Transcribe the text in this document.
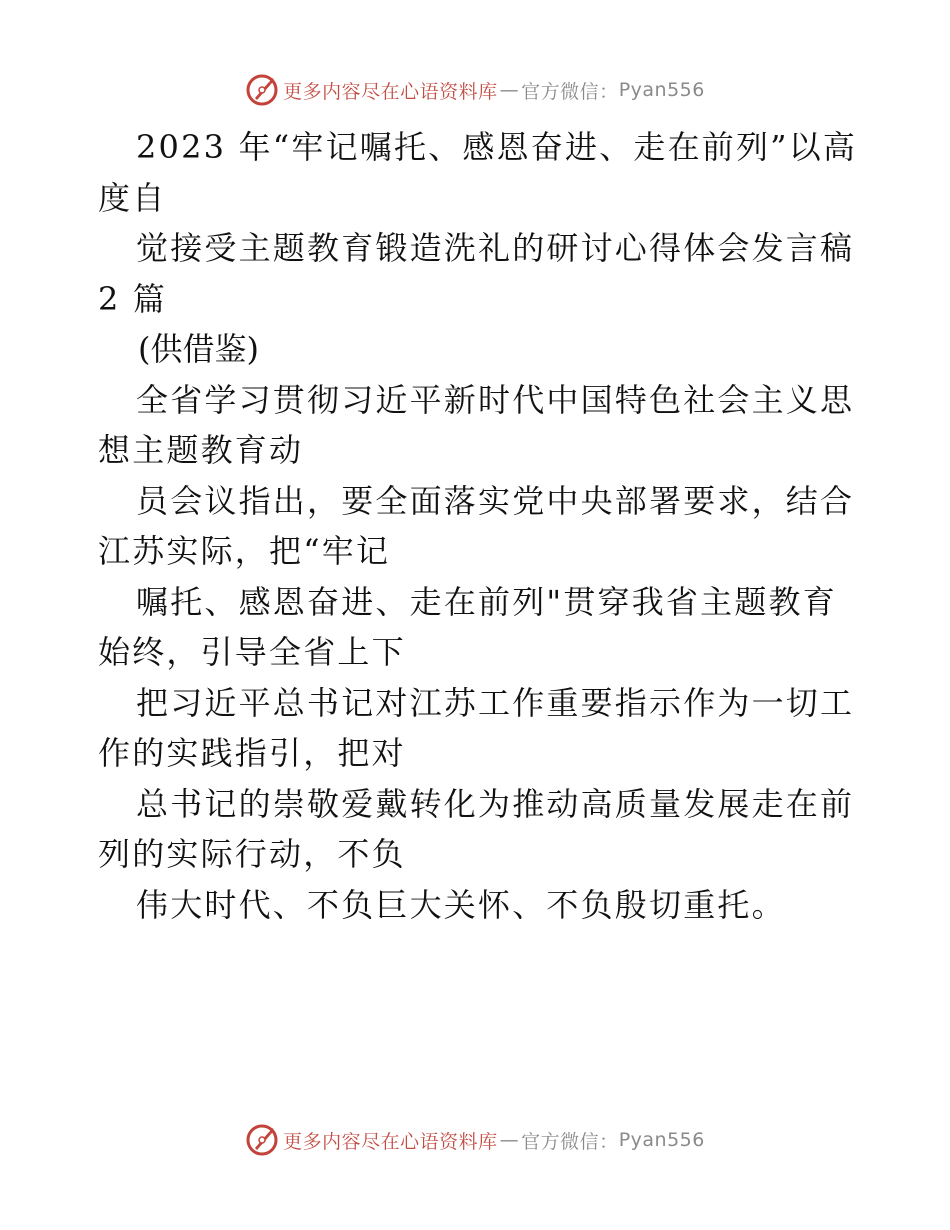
更多内容尽在心语资料库 — 官方微信： Pyan556

2023 年“牢记嘱托、感恩奋进、走在前列”以高度自

觉接受主题教育锻造洗礼的研讨心得体会发言稿 2 篇

(供借鉴)

全省学习贯彻习近平新时代中国特色社会主义思想主题教育动

员会议指出，要全面落实党中央部署要求，结合江苏实际，把“牢记

嘱托、感恩奋进、走在前列"贯穿我省主题教育始终，引导全省上下

把习近平总书记对江苏工作重要指示作为一切工作的实践指引，把对

总书记的崇敬爱戴转化为推动高质量发展走在前列的实际行动，不负

伟大时代、不负巨大关怀、不负殷切重托。

更多内容尽在心语资料库 — 官方微信： Pyan556
